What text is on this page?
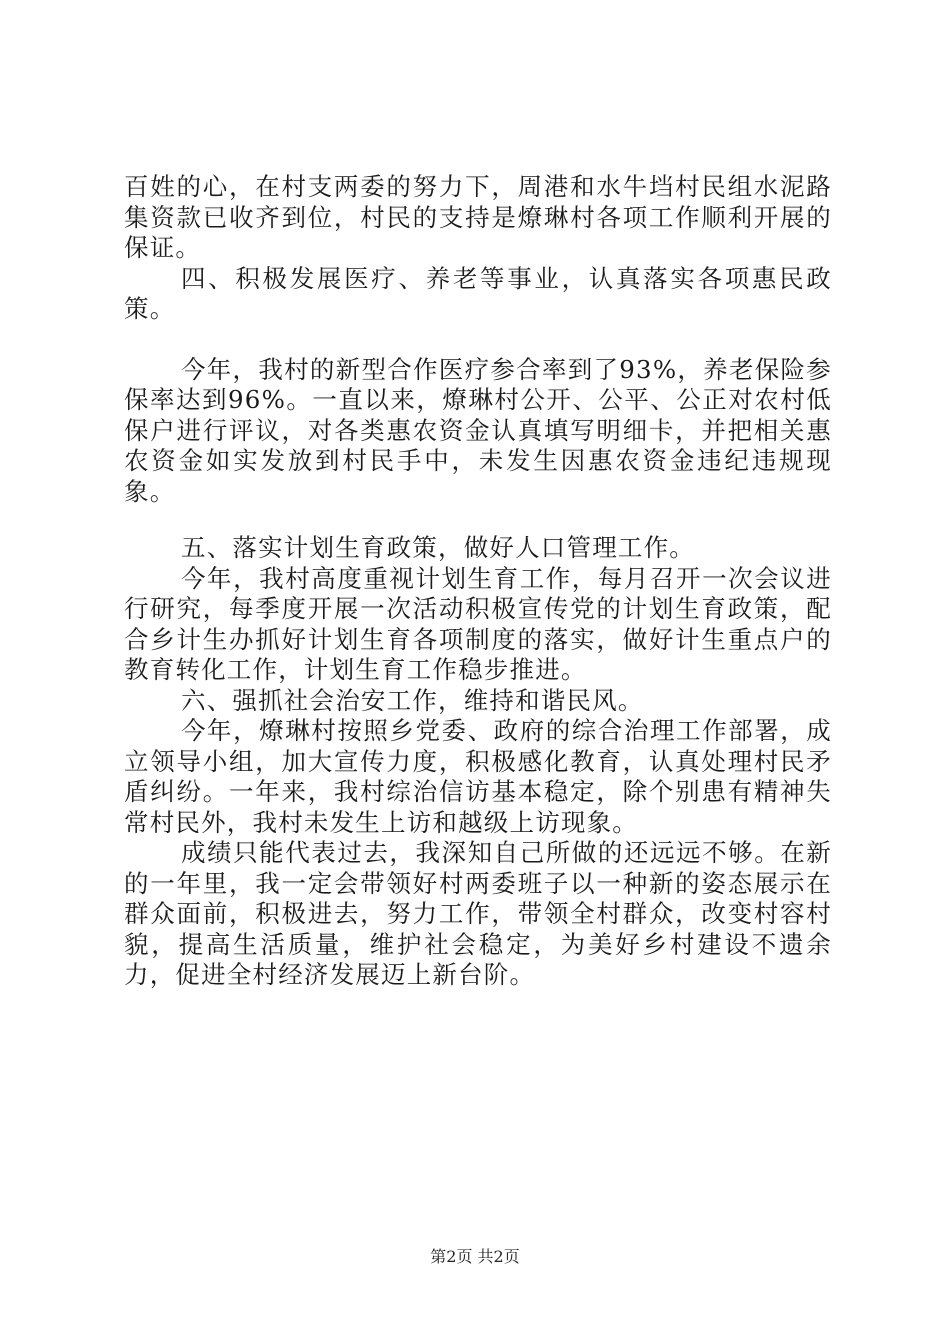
百姓的心，在村支两委的努力下，周港和水牛垱村民组水泥路集资款已收齐到位，村民的支持是燎琳村各项工作顺利开展的保证。

四、积极发展医疗、养老等事业，认真落实各项惠民政策。

今年，我村的新型合作医疗参合率到了93%，养老保险参保率达到96%。一直以来，燎琳村公开、公平、公正对农村低保户进行评议，对各类惠农资金认真填写明细卡，并把相关惠农资金如实发放到村民手中，未发生因惠农资金违纪违规现象。

五、落实计划生育政策，做好人口管理工作。

今年，我村高度重视计划生育工作，每月召开一次会议进行研究，每季度开展一次活动积极宣传党的计划生育政策，配合乡计生办抓好计划生育各项制度的落实，做好计生重点户的教育转化工作，计划生育工作稳步推进。

六、强抓社会治安工作，维持和谐民风。

今年，燎琳村按照乡党委、政府的综合治理工作部署，成立领导小组，加大宣传力度，积极感化教育，认真处理村民矛盾纠纷。一年来，我村综治信访基本稳定，除个别患有精神失常村民外，我村未发生上访和越级上访现象。

成绩只能代表过去，我深知自己所做的还远远不够。在新的一年里，我一定会带领好村两委班子以一种新的姿态展示在群众面前，积极进去，努力工作，带领全村群众，改变村容村貌，提高生活质量，维护社会稳定，为美好乡村建设不遗余力，促进全村经济发展迈上新台阶。

第2页 共2页
